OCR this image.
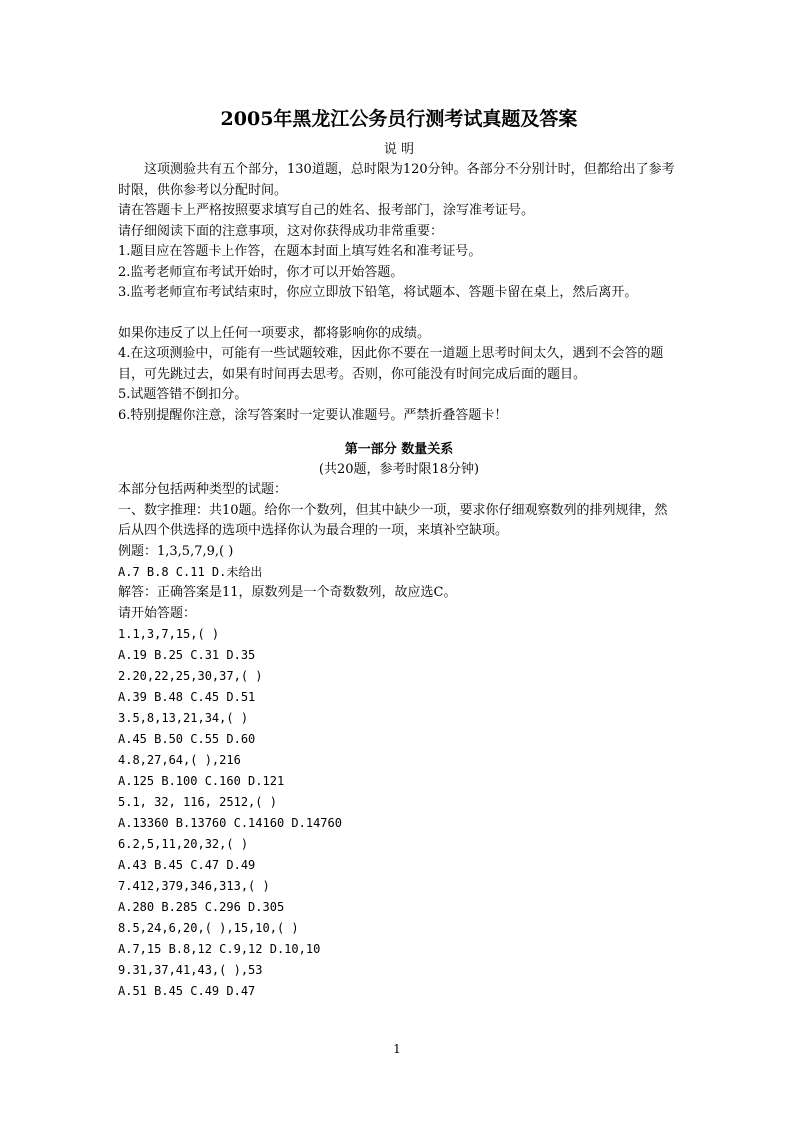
2005年黑龙江公务员行测考试真题及答案
说 明

这项测验共有五个部分，130道题，总时限为120分钟。各部分不分别计时，但都给出了参考时限，供你参考以分配时间。

请在答题卡上严格按照要求填写自己的姓名、报考部门，涂写准考证号。

请仔细阅读下面的注意事项，这对你获得成功非常重要：

1.题目应在答题卡上作答，在题本封面上填写姓名和准考证号。

2.监考老师宣布考试开始时，你才可以开始答题。

3.监考老师宣布考试结束时，你应立即放下铅笔，将试题本、答题卡留在桌上，然后离开。

如果你违反了以上任何一项要求，都将影响你的成绩。

4.在这项测验中，可能有一些试题较难，因此你不要在一道题上思考时间太久，遇到不会答的题目，可先跳过去，如果有时间再去思考。否则，你可能没有时间完成后面的题目。

5.试题答错不倒扣分。

6.特别提醒你注意，涂写答案时一定要认准题号。严禁折叠答题卡！

第一部分 数量关系
(共20题，参考时限18分钟)

本部分包括两种类型的试题：

一、数字推理：共10题。给你一个数列，但其中缺少一项，要求你仔细观察数列的排列规律，然后从四个供选择的选项中选择你认为最合理的一项，来填补空缺项。

例题：1,3,5,7,9,( )

A.7 B.8 C.11 D.未给出

解答：正确答案是11，原数列是一个奇数数列，故应选C。

请开始答题：

1.1,3,7,15,( )

A.19 B.25 C.31 D.35

2.20,22,25,30,37,( )

A.39 B.48 C.45 D.51

3.5,8,13,21,34,( )

A.45 B.50 C.55 D.60

4.8,27,64,( ),216

A.125 B.100 C.160 D.121

5.1, 32, 116, 2512,( )

A.13360 B.13760 C.14160 D.14760

6.2,5,11,20,32,( )

A.43 B.45 C.47 D.49

7.412,379,346,313,( )

A.280 B.285 C.296 D.305

8.5,24,6,20,( ),15,10,( )

A.7,15 B.8,12 C.9,12 D.10,10

9.31,37,41,43,( ),53

A.51 B.45 C.49 D.47

1
